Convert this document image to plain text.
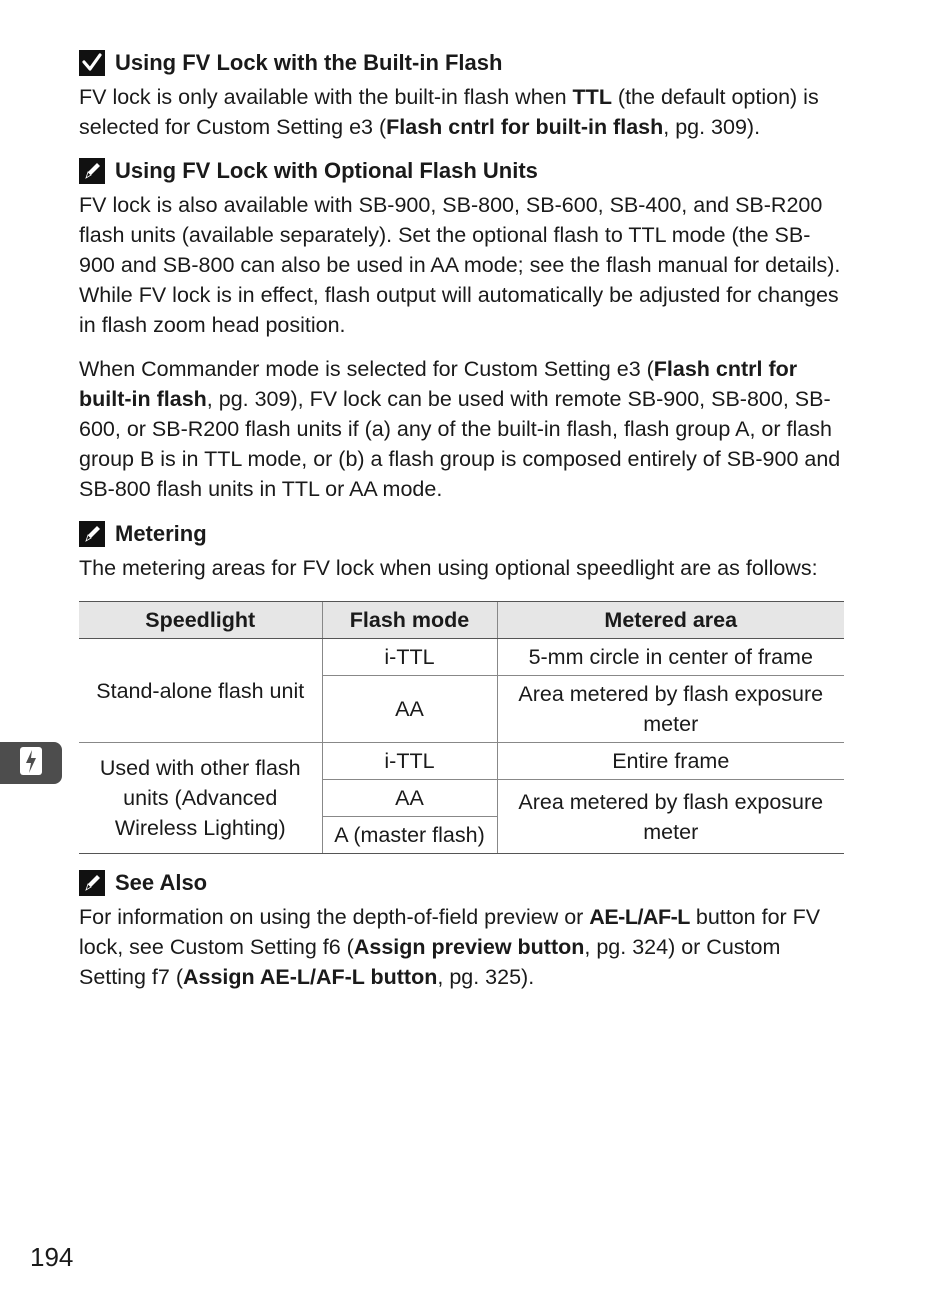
Using FV Lock with the Built-in Flash

FV lock is only available with the built-in flash when TTL (the default option) is selected for Custom Setting e3 (Flash cntrl for built-in flash, pg. 309).

Using FV Lock with Optional Flash Units

FV lock is also available with SB-900, SB-800, SB-600, SB-400, and SB-R200 flash units (available separately). Set the optional flash to TTL mode (the SB-900 and SB-800 can also be used in AA mode; see the flash manual for details). While FV lock is in effect, flash output will automatically be adjusted for changes in flash zoom head position.

When Commander mode is selected for Custom Setting e3 (Flash cntrl for built-in flash, pg. 309), FV lock can be used with remote SB-900, SB-800, SB-600, or SB-R200 flash units if (a) any of the built-in flash, flash group A, or flash group B is in TTL mode, or (b) a flash group is composed entirely of SB-900 and SB-800 flash units in TTL or AA mode.

Metering

The metering areas for FV lock when using optional speedlight are as follows:

Speedlight	Flash mode	Metered area
Stand-alone flash unit	i-TTL	5-mm circle in center of frame
	AA	Area metered by flash exposure meter
Used with other flash units (Advanced Wireless Lighting)	i-TTL	Entire frame
	AA	Area metered by flash exposure meter
	A (master flash)	
See Also

For information on using the depth-of-field preview or AE-L/AF-L button for FV lock, see Custom Setting f6 (Assign preview button, pg. 324) or Custom Setting f7 (Assign AE-L/AF-L button, pg. 325).

194
